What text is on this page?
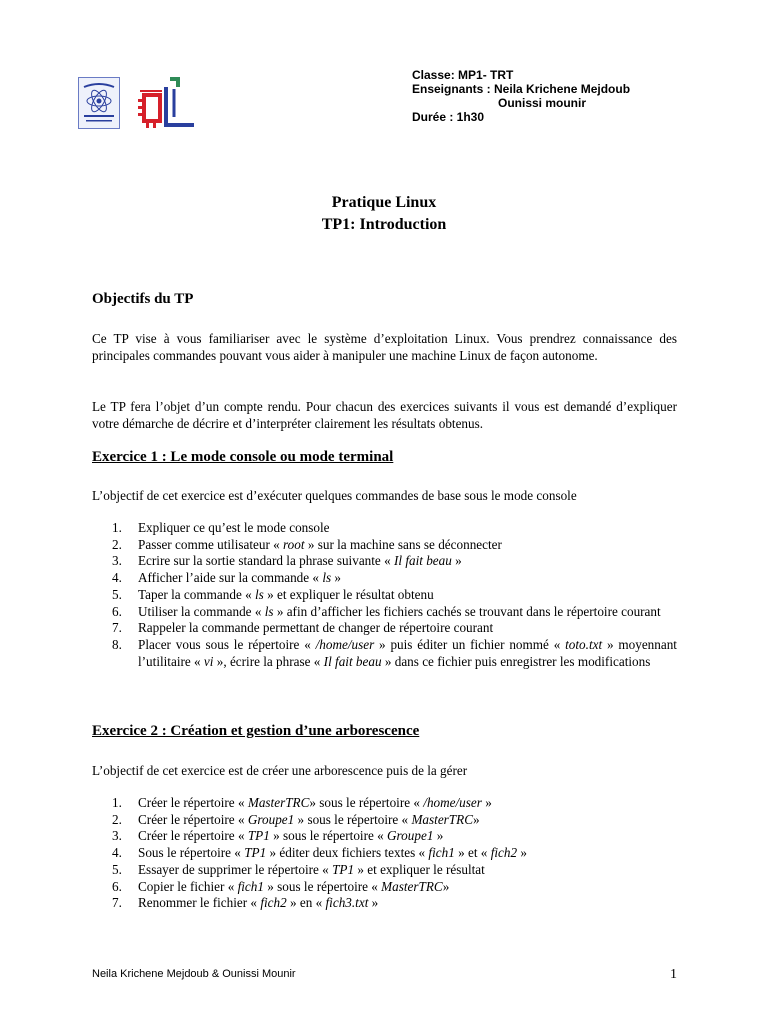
Classe: MP1- TRT
Enseignants : Neila Krichene Mejdoub
Ounissi mounir
Durée : 1h30
Pratique Linux
TP1: Introduction
Objectifs du TP
Ce TP vise à vous familiariser avec le système d’exploitation Linux. Vous prendrez connaissance des principales commandes pouvant vous aider à manipuler une machine Linux de façon autonome.
Le TP fera l’objet d’un compte rendu. Pour chacun des exercices suivants il vous est demandé d’expliquer votre démarche de décrire et d’interpréter clairement les résultats obtenus.
Exercice 1 : Le mode console ou mode terminal
L’objectif de cet exercice est d’exécuter quelques commandes de base sous le mode console
1. Expliquer ce qu’est le mode console
2. Passer comme utilisateur « root » sur la machine sans se déconnecter
3. Ecrire sur la sortie standard la phrase suivante « Il fait beau »
4. Afficher l’aide sur la commande « ls »
5. Taper la commande « ls » et expliquer le résultat obtenu
6. Utiliser la commande « ls » afin d’afficher les fichiers cachés se trouvant dans le répertoire courant
7. Rappeler la commande permettant de changer de répertoire courant
8. Placer vous sous le répertoire « /home/user » puis éditer un fichier nommé « toto.txt » moyennant l’utilitaire « vi », écrire la phrase « Il fait beau » dans ce fichier puis enregistrer les modifications
Exercice 2 : Création et gestion d’une arborescence
L’objectif de cet exercice est de créer une arborescence puis de la gérer
1. Créer le répertoire « MasterTRC» sous le répertoire « /home/user »
2. Créer le répertoire « Groupe1 » sous le répertoire « MasterTRC»
3. Créer le répertoire « TP1 » sous le répertoire « Groupe1 »
4. Sous le répertoire « TP1 » éditer deux fichiers textes « fich1 » et « fich2 »
5. Essayer de supprimer le répertoire « TP1 » et expliquer le résultat
6. Copier le fichier « fich1 » sous le répertoire « MasterTRC»
7. Renommer le fichier « fich2 » en « fich3.txt »
Neila Krichene Mejdoub & Ounissi Mounir	1
